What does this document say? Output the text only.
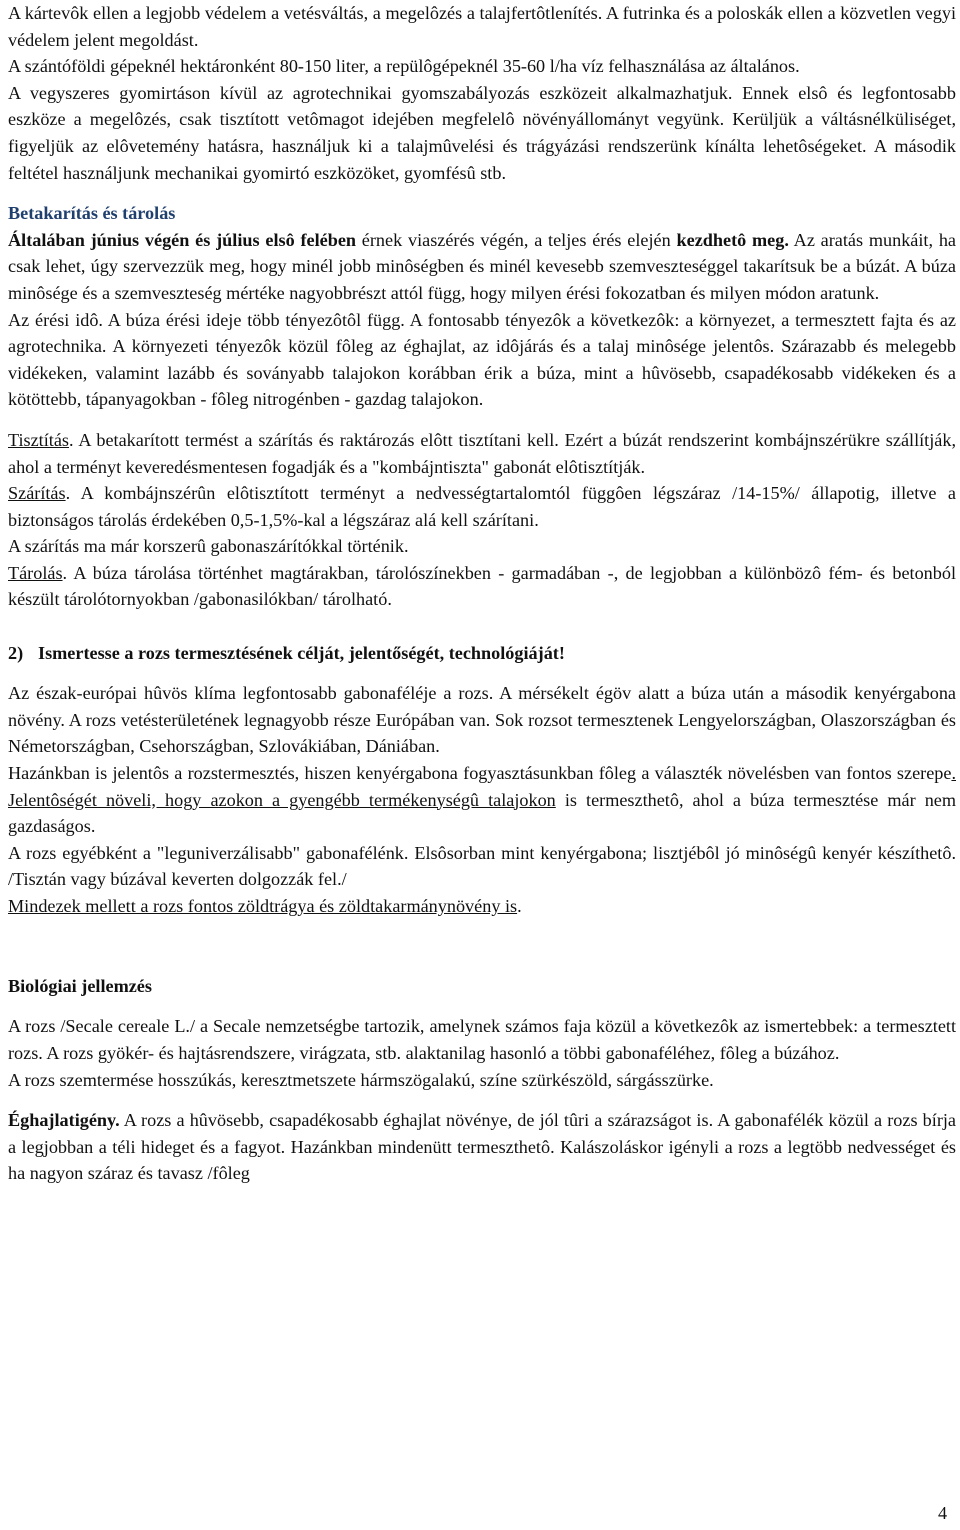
A kártevôk ellen a legjobb védelem a vetésváltás, a megelôzés a talajfertôtlenítés. A futrinka és a poloskák ellen a közvetlen vegyi védelem jelent megoldást.

A szántóföldi gépeknél hektáronként 80-150 liter, a repülôgépeknél 35-60 l/ha víz felhasználása az általános.

A vegyszeres gyomirtáson kívül az agrotechnikai gyomszabályozás eszközeit alkalmazhatjuk. Ennek elsô és legfontosabb eszköze a megelôzés, csak tisztított vetômagot idejében megfelelô növényállományt vegyünk. Kerüljük a váltásnélküliséget, figyeljük az elôvetemény hatásra, használjuk ki a talajmûvelési és trágyázási rendszerünk kínálta lehetôségeket. A második feltétel használjunk mechanikai gyomirtó eszközöket, gyomfésû stb.

Betakarítás és tárolás

Általában június végén és július elsô felében érnek viaszérés végén, a teljes érés elején kezdhetô meg. Az aratás munkáit, ha csak lehet, úgy szervezzük meg, hogy minél jobb minôségben és minél kevesebb szemveszteséggel takarítsuk be a búzát. A búza minôsége és a szemveszteség mértéke nagyobbrészt attól függ, hogy milyen érési fokozatban és milyen módon aratunk.

Az érési idô. A búza érési ideje több tényezôtôl függ. A fontosabb tényezôk a következôk: a környezet, a termesztett fajta és az agrotechnika. A környezeti tényezôk közül fôleg az éghajlat, az idôjárás és a talaj minôsége jelentôs. Szárazabb és melegebb vidékeken, valamint lazább és soványabb talajokon korábban érik a búza, mint a hûvösebb, csapadékosabb vidékeken és a kötöttebb, tápanyagokban - fôleg nitrogénben - gazdag talajokon.

Tisztítás. A betakarított termést a szárítás és raktározás elôtt tisztítani kell. Ezért a búzát rendszerint kombájnszérükre szállítják, ahol a terményt keveredésmentesen fogadják és a "kombájntiszta" gabonát elôtisztítják.

Szárítás. A kombájnszérûn elôtisztított terményt a nedvességtartalomtól függôen légszáraz /14-15%/ állapotig, illetve a biztonságos tárolás érdekében 0,5-1,5%-kal a légszáraz alá kell szárítani.

A szárítás ma már korszerû gabonaszárítókkal történik.

Tárolás. A búza tárolása történhet magtárakban, tárolószínekben - garmadában -, de legjobban a különbözô fém- és betonból készült tárolótornyokban /gabonasilókban/ tárolható.

2) Ismertesse a rozs termesztésének célját, jelentőségét, technológiáját!

Az észak-európai hûvös klíma legfontosabb gabonaféléje a rozs. A mérsékelt égöv alatt a búza után a második kenyérgabona növény. A rozs vetésterületének legnagyobb része Európában van. Sok rozsot termesztenek Lengyelországban, Olaszországban és Németországban, Csehországban, Szlovákiában, Dániában.

Hazánkban is jelentôs a rozstermesztés, hiszen kenyérgabona fogyasztásunkban fôleg a választék növelésben van fontos szerepe. Jelentôségét növeli, hogy azokon a gyengébb termékenységû talajokon is termeszthetô, ahol a búza termesztése már nem gazdaságos.

A rozs egyébként a "leguniverzálisabb" gabonafélénk. Elsôsorban mint kenyérgabona; lisztjébôl jó minôségû kenyér készíthetô. /Tisztán vagy búzával keverten dolgozzák fel./

Mindezek mellett a rozs fontos zöldtrágya és zöldtakarmánynövény is.

Biológiai jellemzés

A rozs /Secale cereale L./ a Secale nemzetségbe tartozik, amelynek számos faja közül a következôk az ismertebbek: a termesztett rozs. A rozs gyökér- és hajtásrendszere, virágzata, stb. alaktanilag hasonló a többi gabonaféléhez, fôleg a búzához.

A rozs szemtermése hosszúkás, keresztmetszete hármszögalakú, színe szürkészöld, sárgásszürke.

Éghajlatigény. A rozs a hûvösebb, csapadékosabb éghajlat növénye, de jól tûri a szárazságot is. A gabonafélék közül a rozs bírja a legjobban a téli hideget és a fagyot. Hazánkban mindenütt termeszthetô. Kalászoláskor igényli a rozs a legtöbb nedvességet és ha nagyon száraz és tavasz /fôleg

4
